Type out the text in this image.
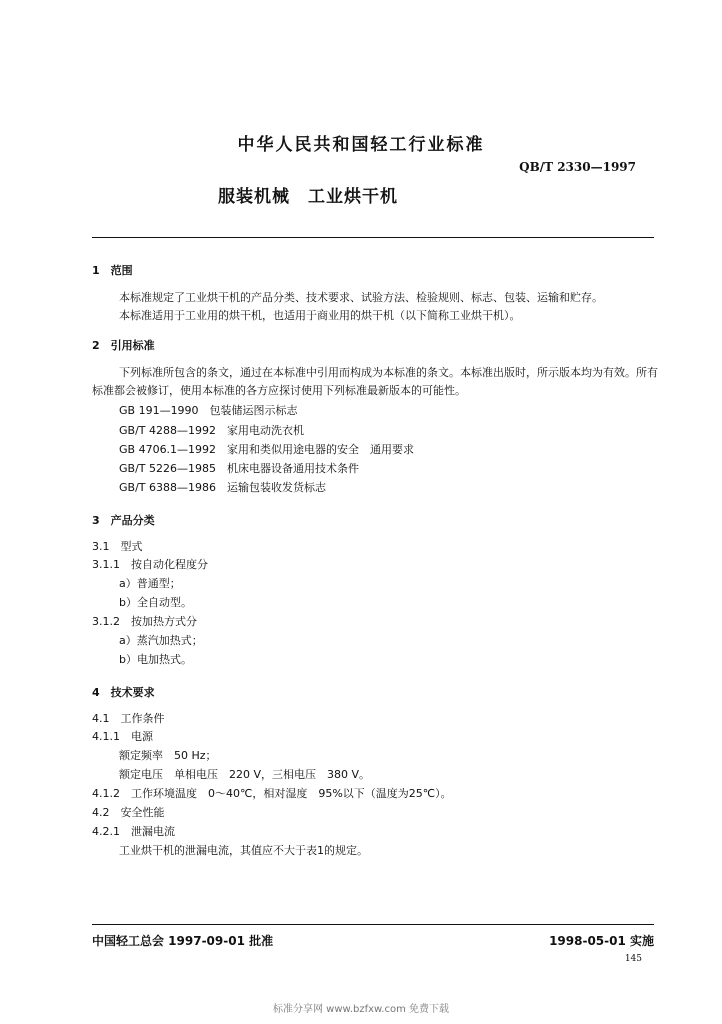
中华人民共和国轻工行业标准
QB/T 2330—1997
服装机械　工业烘干机
1　范围
本标准规定了工业烘干机的产品分类、技术要求、试验方法、检验规则、标志、包装、运输和贮存。
本标准适用于工业用的烘干机，也适用于商业用的烘干机（以下简称工业烘干机）。
2　引用标准
下列标准所包含的条文，通过在本标准中引用而构成为本标准的条文。本标准出版时，所示版本均为有效。所有标准都会被修订，使用本标准的各方应探讨使用下列标准最新版本的可能性。
GB 191—1990　包装储运图示标志
GB/T 4288—1992　家用电动洗衣机
GB 4706.1—1992　家用和类似用途电器的安全　通用要求
GB/T 5226—1985　机床电器设备通用技术条件
GB/T 6388—1986　运输包装收发货标志
3　产品分类
3.1　型式
3.1.1　按自动化程度分
a）普通型；
b）全自动型。
3.1.2　按加热方式分
a）蒸汽加热式；
b）电加热式。
4　技术要求
4.1　工作条件
4.1.1　电源
额定频率　50 Hz；
额定电压　单相电压　220 V，三相电压　380 V。
4.1.2　工作环境温度　0～40℃，相对湿度　95%以下（温度为25℃）。
4.2　安全性能
4.2.1　泄漏电流
工业烘干机的泄漏电流，其值应不大于表1的规定。
中国轻工总会 1997-09-01 批准	1998-05-01 实施
145
标准分享网 www.bzfxw.com 免费下载
